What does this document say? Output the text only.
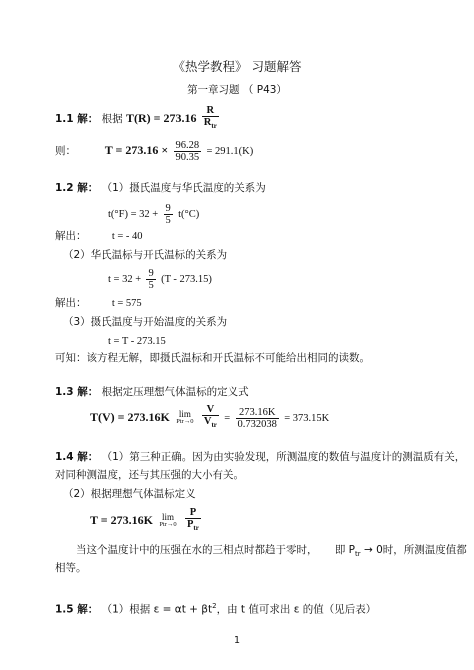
《热学教程》 习题解答
第一章习题 （ P43）
1.1 解： 根据 $T(R) = 273.16 \frac{R}{R_{tr}}$
则： $T = 273.16 \times \frac{96.28}{90.35} = 291.1(K)$
1.2 解： （1）摄氏温度与华氏温度的关系为
$t(^\circ F) = 32 + \frac{9}{5} t(^\circ C)$
解出： t = - 40
（2）华氏温标与开氏温标的关系为
$t = 32 + \frac{9}{5} (T - 273.15)$
解出： t = 575
（3）摄氏温度与开始温度的关系为
t = T - 273.15
可知：该方程无解，即摄氏温标和开氏温标不可能给出相同的读数。
1.3 解： 根据定压理想气体温标的定义式
T(V) = 273.16K lim
Ptr→0
$\frac{V}{V_{tr}} = \frac{273.16K}{0.732038} = 373.15K$
1.4 解： （1）第三种正确。因为由实验发现，所测温度的数值与温度计的测温质有关，
对同种测温度，还与其压强的大小有关。
（2）根据理想气体温标定义
T = 273.16K lim
Ptr→0
$\frac{P}{P_{tr}}$
当这个温度计中的压强在水的三相点时都趋于零时， 即 $P_{tr} \to 0$时，所测温度值都
相等。
1.5 解： （1）根据 $\varepsilon = \alpha t + \beta t^2$，由 t 值可求出 ε 的值（见后表）
1
